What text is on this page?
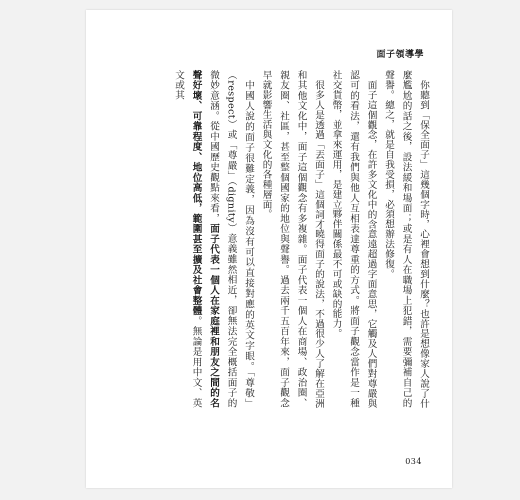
面子領導學

你聽到「保全面子」這幾個字時，心裡會想到什麼？也許是想像家人說了什麼尷尬的話之後，設法緩和場面；或是有人在職場上犯錯，需要彌補自己的聲譽。總之，就是自我受損，必須想辦法修復。

面子這個觀念，在許多文化中的含意遠超過字面意思，它觸及人們對尊嚴與認可的看法，還有我們與他人互相表達尊重的方式。將面子觀念當作是一種社交貨幣，並拿來運用，是建立夥伴關係最不可或缺的能力。

很多人是透過「丟面子」這個詞才曉得面子的說法，不過很少人了解在亞洲和其他文化中，面子這個觀念有多複雜。面子代表一個人在商場、政治圈、親友圈、社區，甚至整個國家的地位與聲譽。過去兩千五百年來，面子觀念早就影響生活與文化的各種層面。

中國人說的面子很難定義，因為沒有可以直接對應的英文字眼。「尊敬」（respect）或「尊嚴」（dignity）意義雖然相近，卻無法完全概括面子的微妙意涵。從中國歷史觀點來看，面子代表一個人在家庭裡和朋友之間的名聲好壞、可靠程度、地位高低，範圍甚至擴及社會整體。無論是用中文、英文或其

034
